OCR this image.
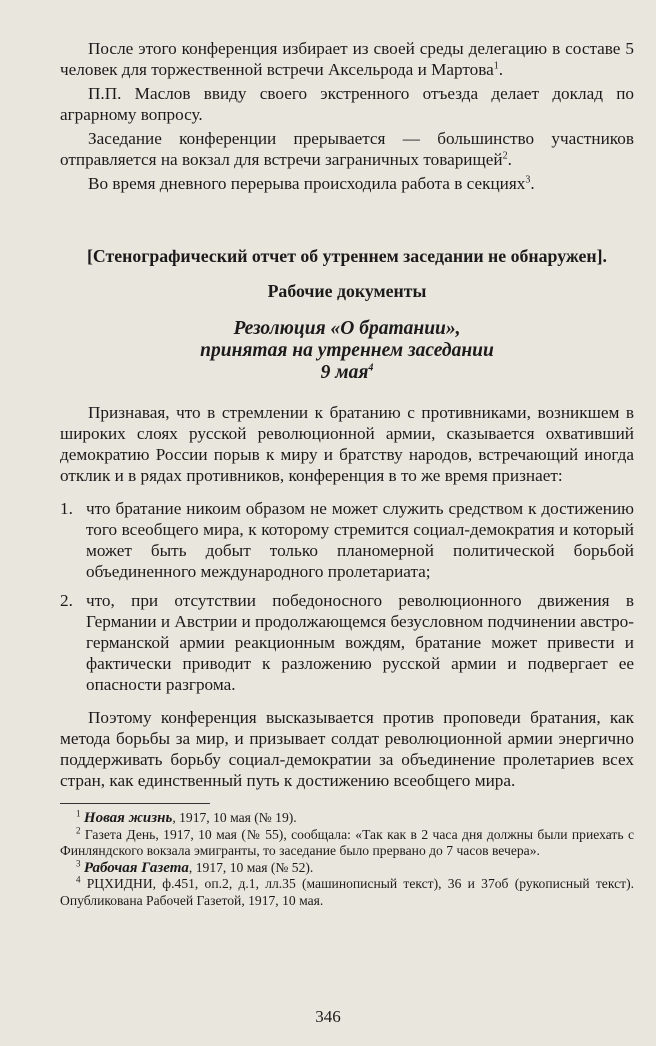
После этого конференция избирает из своей среды делегацию в составе 5 человек для торжественной встречи Аксельрода и Мартова$^1$.

П.П. Маслов ввиду своего экстренного отъезда делает доклад по аграрному вопросу.

Заседание конференции прерывается — большинство участников отправляется на вокзал для встречи заграничных товарищей$^2$.

Во время дневного перерыва происходила работа в секциях$^3$.

[Стенографический отчет об утреннем заседании не обнаружен].

Рабочие документы

Резолюция «О братании»,
принятая на утреннем заседании
9 мая$^4$

Признавая, что в стремлении к братанию с противниками, возникшем в широких слоях русской революционной армии, сказывается охвативший демократию России порыв к миру и братству народов, встречающий иногда отклик и в рядах противников, конференция в то же время признает:

1. что братание никоим образом не может служить средством к достижению того всеобщего мира, к которому стремится социал-демократия и который может быть добыт только планомерной политической борьбой объединенного международного пролетариата;
2. что, при отсутствии победоносного революционного движения в Германии и Австрии и продолжающемся безусловном подчинении австро-германской армии реакционным вождям, братание может привести и фактически приводит к разложению русской армии и подвергает ее опасности разгрома.

Поэтому конференция высказывается против проповеди братания, как метода борьбы за мир, и призывает солдат революционной армии энергично поддерживать борьбу социал-демократии за объединение пролетариев всех стран, как единственный путь к достижению всеобщего мира.

$^1$ Новая жизнь, 1917, 10 мая (№ 19).

$^2$ Газета День, 1917, 10 мая (№ 55), сообщала: «Так как в 2 часа дня должны были приехать с Финляндского вокзала эмигранты, то заседание было прервано до 7 часов вечера».

$^3$ Рабочая Газета, 1917, 10 мая (№ 52).

$^4$ РЦХИДНИ, ф.451, оп.2, д.1, лл.35 (машинописный текст), 36 и 37об (рукописный текст). Опубликована Рабочей Газетой, 1917, 10 мая.

346
